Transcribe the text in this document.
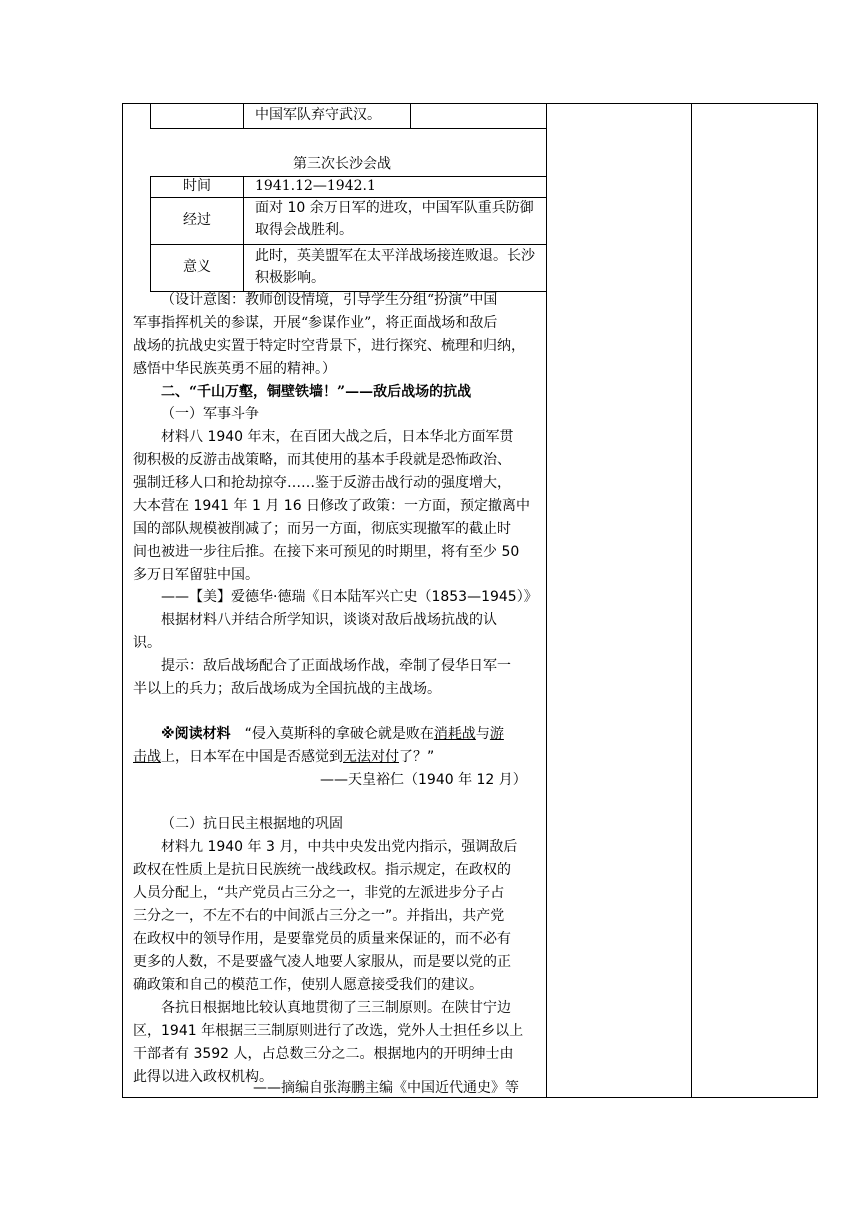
中国军队弃守武汉。
第三次长沙会战
时间	1941.12—1942.1
经过
面对 10 余万日军的进攻，中国军队重兵防御
取得会战胜利。
意义
此时，英美盟军在太平洋战场接连败退。长沙
积极影响。
（设计意图：教师创设情境，引导学生分组“扮演”中国
军事指挥机关的参谋，开展“参谋作业”，将正面战场和敌后
战场的抗战史实置于特定时空背景下，进行探究、梳理和归纳，
感悟中华民族英勇不屈的精神。）
二、“千山万壑，铜壁铁墙！”——敌后战场的抗战
（一）军事斗争
材料八 1940 年末，在百团大战之后，日本华北方面军贯
彻积极的反游击战策略，而其使用的基本手段就是恐怖政治、
强制迁移人口和抢劫掠夺……鉴于反游击战行动的强度增大，
大本营在 1941 年 1 月 16 日修改了政策：一方面，预定撤离中
国的部队规模被削减了；而另一方面，彻底实现撤军的截止时
间也被进一步往后推。在接下来可预见的时期里，将有至少 50
多万日军留驻中国。
——【美】爱德华·德瑞《日本陆军兴亡史（1853—1945）》
根据材料八并结合所学知识，谈谈对敌后战场抗战的认
识。
提示：敌后战场配合了正面战场作战，牵制了侵华日军一
半以上的兵力；敌后战场成为全国抗战的主战场。
※阅读材料 “侵入莫斯科的拿破仑就是败在消耗战与游
击战上，日本军在中国是否感觉到无法对付了？”
——天皇裕仁（1940 年 12 月）
（二）抗日民主根据地的巩固
材料九 1940 年 3 月，中共中央发出党内指示，强调敌后
政权在性质上是抗日民族统一战线政权。指示规定，在政权的
人员分配上，“共产党员占三分之一，非党的左派进步分子占
三分之一，不左不右的中间派占三分之一”。并指出，共产党
在政权中的领导作用，是要靠党员的质量来保证的，而不必有
更多的人数，不是要盛气凌人地要人家服从，而是要以党的正
确政策和自己的模范工作，使别人愿意接受我们的建议。
各抗日根据地比较认真地贯彻了三三制原则。在陕甘宁边
区，1941 年根据三三制原则进行了改选，党外人士担任乡以上
干部者有 3592 人，占总数三分之二。根据地内的开明绅士由
此得以进入政权机构。
——摘编自张海鹏主编《中国近代通史》等
